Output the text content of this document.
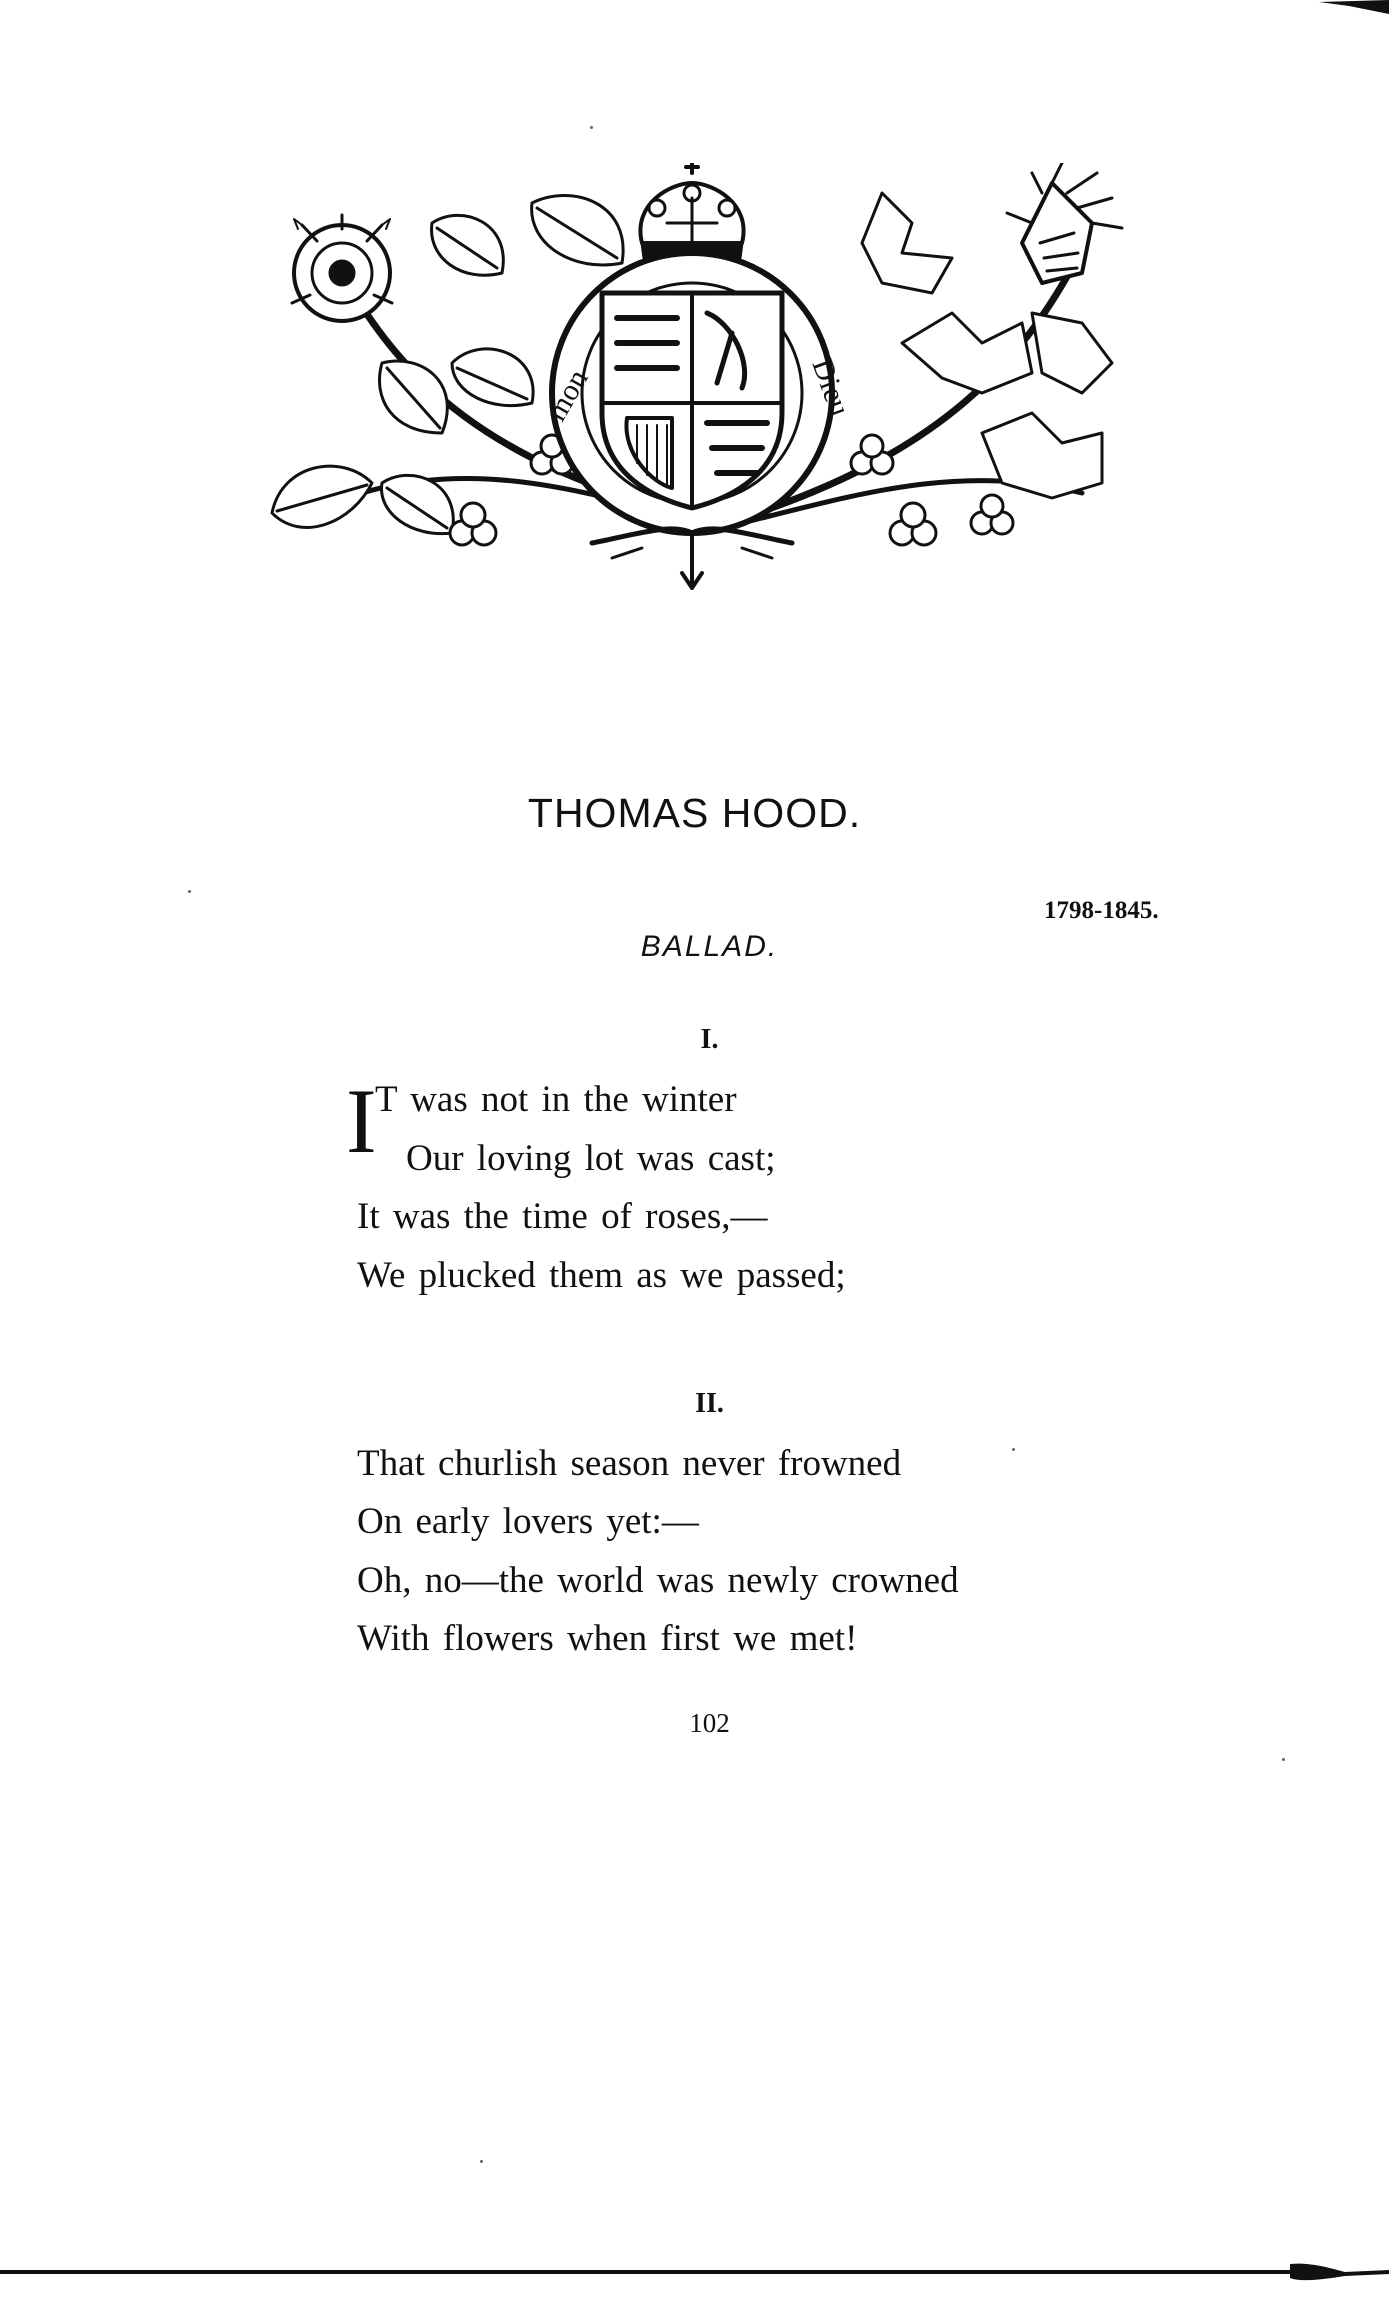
mon	Dieu
THOMAS HOOD.
1798-1845.
BALLAD.
I.
I
T was not in the winter
Our loving lot was cast;
It was the time of roses,—
We plucked them as we passed;
II.
That churlish season never frowned
On early lovers yet:—
Oh, no—the world was newly crowned
With flowers when first we met!
102
